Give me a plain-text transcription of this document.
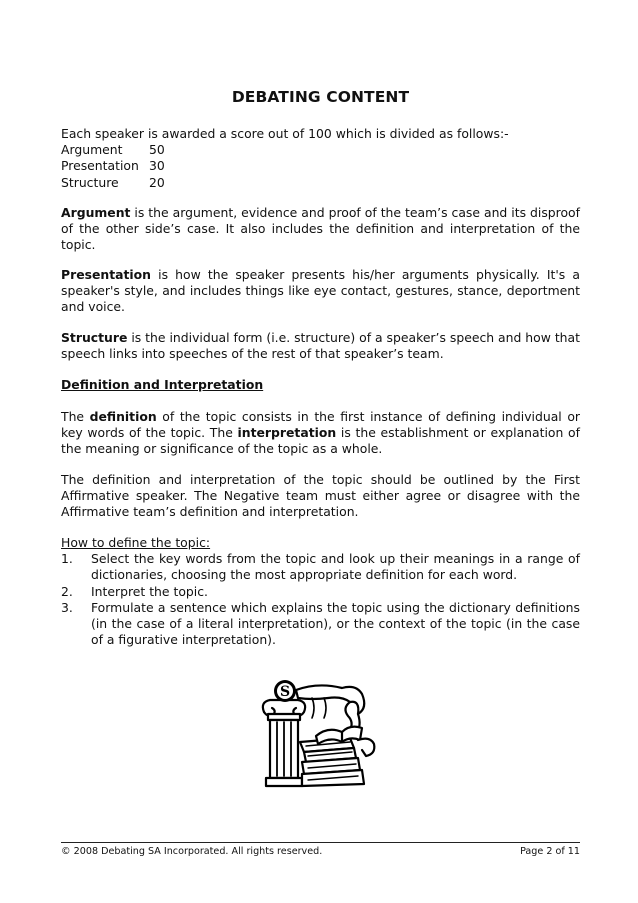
DEBATING CONTENT
Each speaker is awarded a score out of 100 which is divided as follows:-
Argument	50
Presentation 30
Structure	20
Argument is the argument, evidence and proof of the team’s case and its disproof of the other side’s case. It also includes the definition and interpretation of the topic.
Presentation is how the speaker presents his/her arguments physically. It's a speaker's style, and includes things like eye contact, gestures, stance, deportment and voice.
Structure is the individual form (i.e. structure) of a speaker’s speech and how that speech links into speeches of the rest of that speaker’s team.
Definition and Interpretation
The definition of the topic consists in the first instance of defining individual or key words of the topic. The interpretation is the establishment or explanation of the meaning or significance of the topic as a whole.
The definition and interpretation of the topic should be outlined by the First Affirmative speaker. The Negative team must either agree or disagree with the Affirmative team’s definition and interpretation.
How to define the topic:
1.	Select the key words from the topic and look up their meanings in a range of dictionaries, choosing the most appropriate definition for each word.
2.	Interpret the topic.
3.	Formulate a sentence which explains the topic using the dictionary definitions (in the case of a literal interpretation), or the context of the topic (in the case of a figurative interpretation).
S
© 2008 Debating SA Incorporated. All rights reserved.	Page 2 of 11
